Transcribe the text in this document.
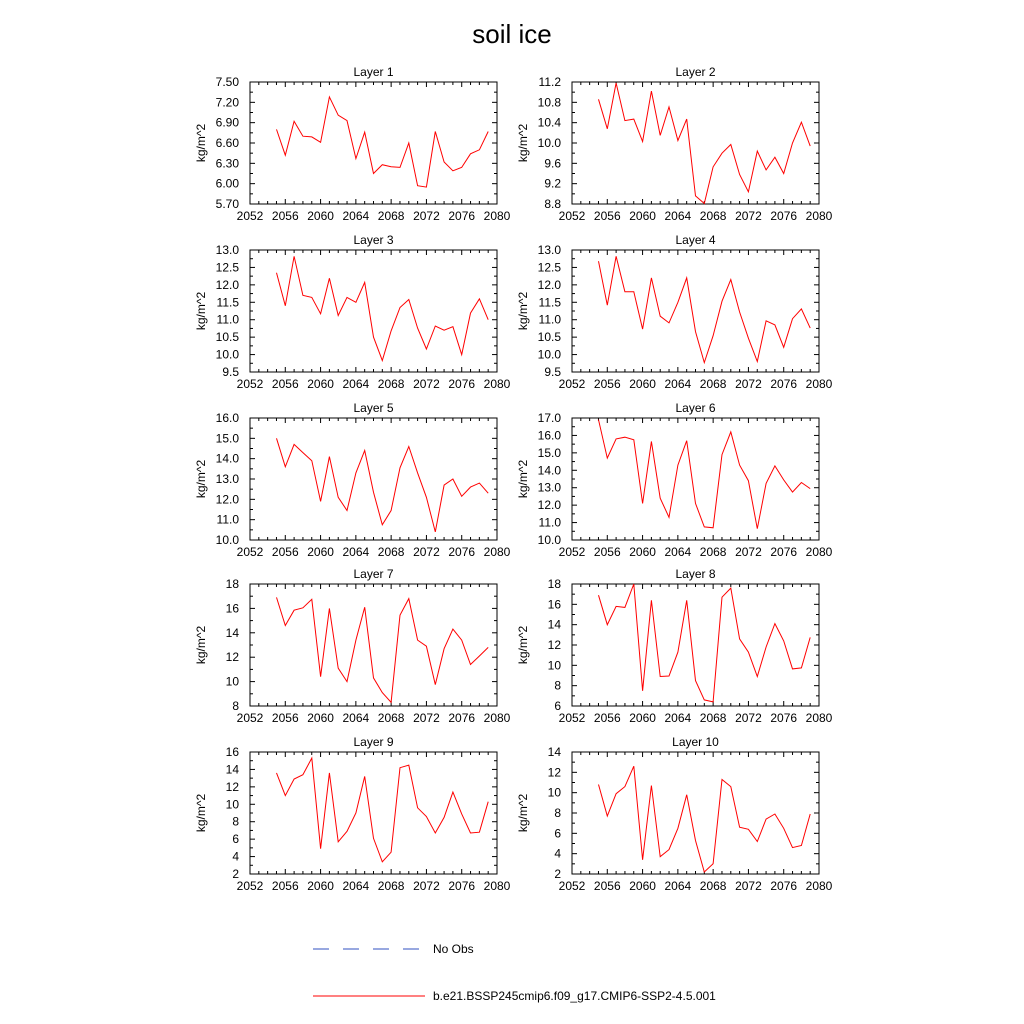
soil ice
Layer 1
kg/m^2
2052 2056 2060 2064 2068 2072 2076 2080
5.70
6.00
6.30
6.60
6.90
7.20
7.50
Layer 2
kg/m^2
2052 2056 2060 2064 2068 2072 2076 2080
8.8
9.2
9.6
10.0
10.4
10.8
11.2
Layer 3
kg/m^2
2052 2056 2060 2064 2068 2072 2076 2080
9.5
10.0
10.5
11.0
11.5
12.0
12.5
13.0
Layer 4
kg/m^2
2052 2056 2060 2064 2068 2072 2076 2080
9.5
10.0
10.5
11.0
11.5
12.0
12.5
13.0
Layer 5
kg/m^2
2052 2056 2060 2064 2068 2072 2076 2080
10.0
11.0
12.0
13.0
14.0
15.0
16.0
Layer 6
kg/m^2
2052 2056 2060 2064 2068 2072 2076 2080
10.0
11.0
12.0
13.0
14.0
15.0
16.0
17.0
Layer 7
kg/m^2
2052 2056 2060 2064 2068 2072 2076 2080
8
10
12
14
16
18
Layer 8
kg/m^2
2052 2056 2060 2064 2068 2072 2076 2080
6
8
10
12
14
16
18
Layer 9
kg/m^2
2052 2056 2060 2064 2068 2072 2076 2080
2
4
6
8
10
12
14
16
Layer 10
kg/m^2
2052 2056 2060 2064 2068 2072 2076 2080
2
4
6
8
10
12
14
No Obs
b.e21.BSSP245cmip6.f09_g17.CMIP6-SSP2-4.5.001
